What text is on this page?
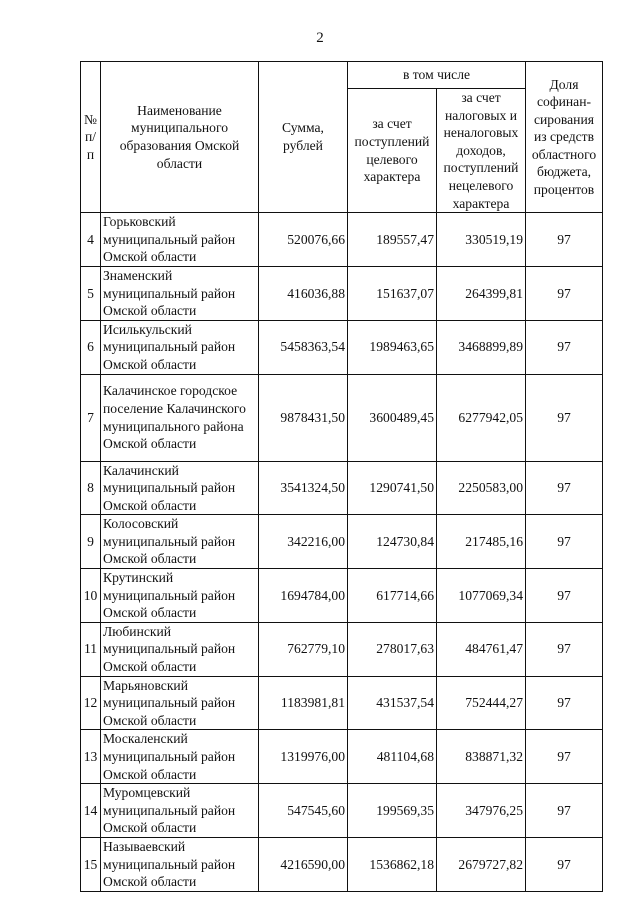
2
№ п/п	Наименование муниципального образования Омской области	Сумма, рублей	в том числе		Доля софинан-сирования из средств областного бюджета, процентов
			за счет поступлений целевого характера	за счет налоговых и неналоговых доходов, поступлений нецелевого характера	
4	Горьковский муниципальный район Омской области	520076,66	189557,47	330519,19	97
5	Знаменский муниципальный район Омской области	416036,88	151637,07	264399,81	97
6	Исилькульский муниципальный район Омской области	5458363,54	1989463,65	3468899,89	97
7	Калачинское городское поселение Калачинского муниципального района Омской области	9878431,50	3600489,45	6277942,05	97
8	Калачинский муниципальный район Омской области	3541324,50	1290741,50	2250583,00	97
9	Колосовский муниципальный район Омской области	342216,00	124730,84	217485,16	97
10	Крутинский муниципальный район Омской области	1694784,00	617714,66	1077069,34	97
11	Любинский муниципальный район Омской области	762779,10	278017,63	484761,47	97
12	Марьяновский муниципальный район Омской области	1183981,81	431537,54	752444,27	97
13	Москаленский муниципальный район Омской области	1319976,00	481104,68	838871,32	97
14	Муромцевский муниципальный район Омской области	547545,60	199569,35	347976,25	97
15	Называевский муниципальный район Омской области	4216590,00	1536862,18	2679727,82	97
